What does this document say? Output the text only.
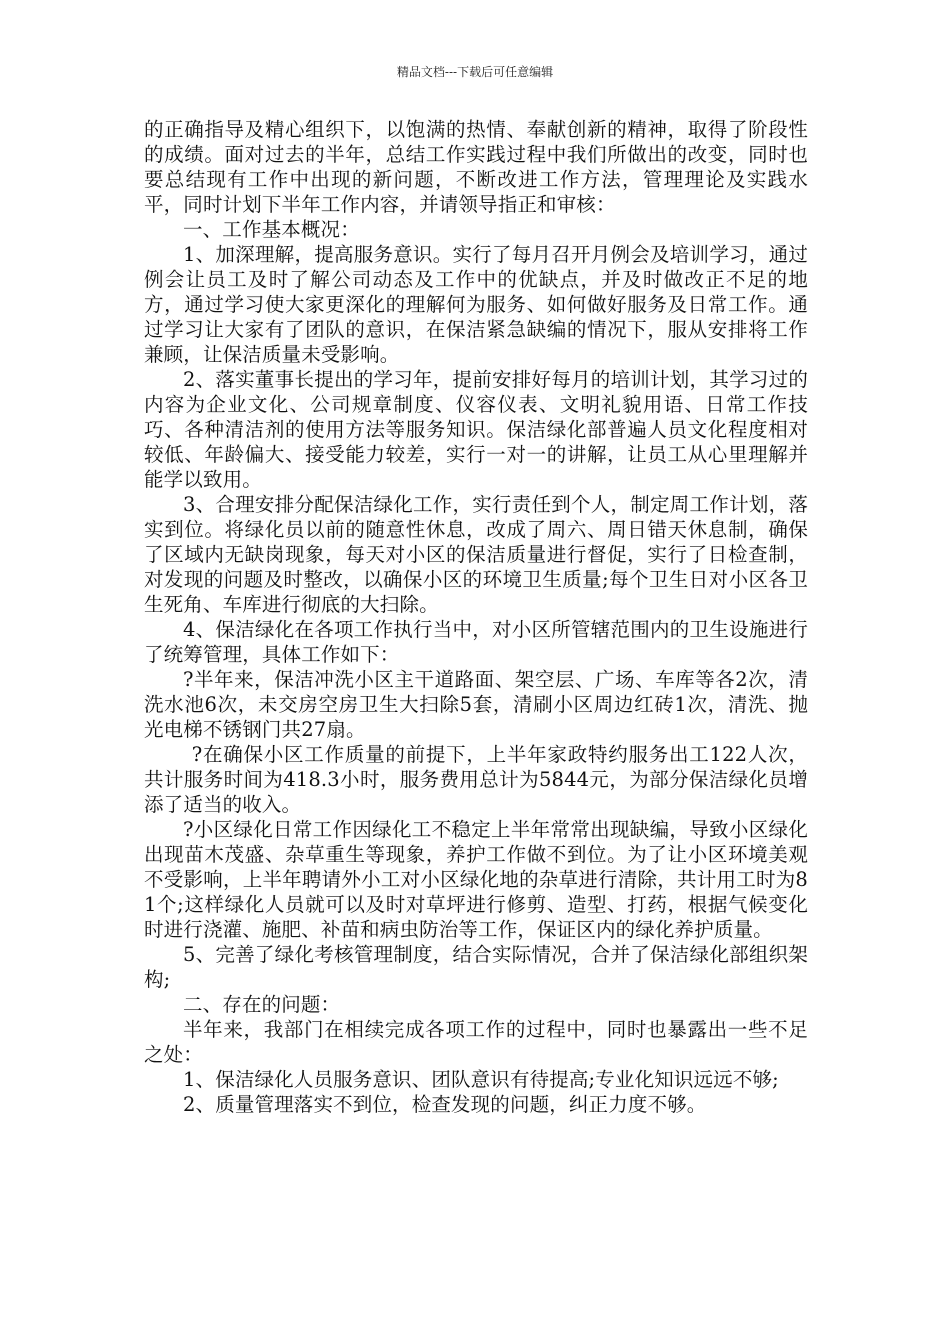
精品文档---下载后可任意编辑

的正确指导及精心组织下，以饱满的热情、奉献创新的精神，取得了阶段性的成绩。面对过去的半年，总结工作实践过程中我们所做出的改变，同时也要总结现有工作中出现的新问题，不断改进工作方法，管理理论及实践水平，同时计划下半年工作内容，并请领导指正和审核：

一、工作基本概况：

1、加深理解，提高服务意识。实行了每月召开月例会及培训学习，通过例会让员工及时了解公司动态及工作中的优缺点，并及时做改正不足的地方，通过学习使大家更深化的理解何为服务、如何做好服务及日常工作。通过学习让大家有了团队的意识，在保洁紧急缺编的情况下，服从安排将工作兼顾，让保洁质量未受影响。

2、落实董事长提出的学习年，提前安排好每月的培训计划，其学习过的内容为企业文化、公司规章制度、仪容仪表、文明礼貌用语、日常工作技巧、各种清洁剂的使用方法等服务知识。保洁绿化部普遍人员文化程度相对较低、年龄偏大、接受能力较差，实行一对一的讲解，让员工从心里理解并能学以致用。

3、合理安排分配保洁绿化工作，实行责任到个人，制定周工作计划，落实到位。将绿化员以前的随意性休息，改成了周六、周日错天休息制，确保了区域内无缺岗现象，每天对小区的保洁质量进行督促，实行了日检查制，对发现的问题及时整改，以确保小区的环境卫生质量;每个卫生日对小区各卫生死角、车库进行彻底的大扫除。

4、保洁绿化在各项工作执行当中，对小区所管辖范围内的卫生设施进行了统筹管理，具体工作如下：

?半年来，保洁冲洗小区主干道路面、架空层、广场、车库等各2次，清洗水池6次，未交房空房卫生大扫除5套，清刷小区周边红砖1次，清洗、抛光电梯不锈钢门共27扇。

?在确保小区工作质量的前提下，上半年家政特约服务出工122人次，共计服务时间为418.3小时，服务费用总计为5844元，为部分保洁绿化员增添了适当的收入。

?小区绿化日常工作因绿化工不稳定上半年常常出现缺编，导致小区绿化出现苗木茂盛、杂草重生等现象，养护工作做不到位。为了让小区环境美观不受影响，上半年聘请外小工对小区绿化地的杂草进行清除，共计用工时为81个;这样绿化人员就可以及时对草坪进行修剪、造型、打药，根据气候变化时进行浇灌、施肥、补苗和病虫防治等工作，保证区内的绿化养护质量。

5、完善了绿化考核管理制度，结合实际情况，合并了保洁绿化部组织架构;

二、存在的问题：

半年来，我部门在相续完成各项工作的过程中，同时也暴露出一些不足之处：

1、保洁绿化人员服务意识、团队意识有待提高;专业化知识远远不够;

2、质量管理落实不到位，检查发现的问题，纠正力度不够。
